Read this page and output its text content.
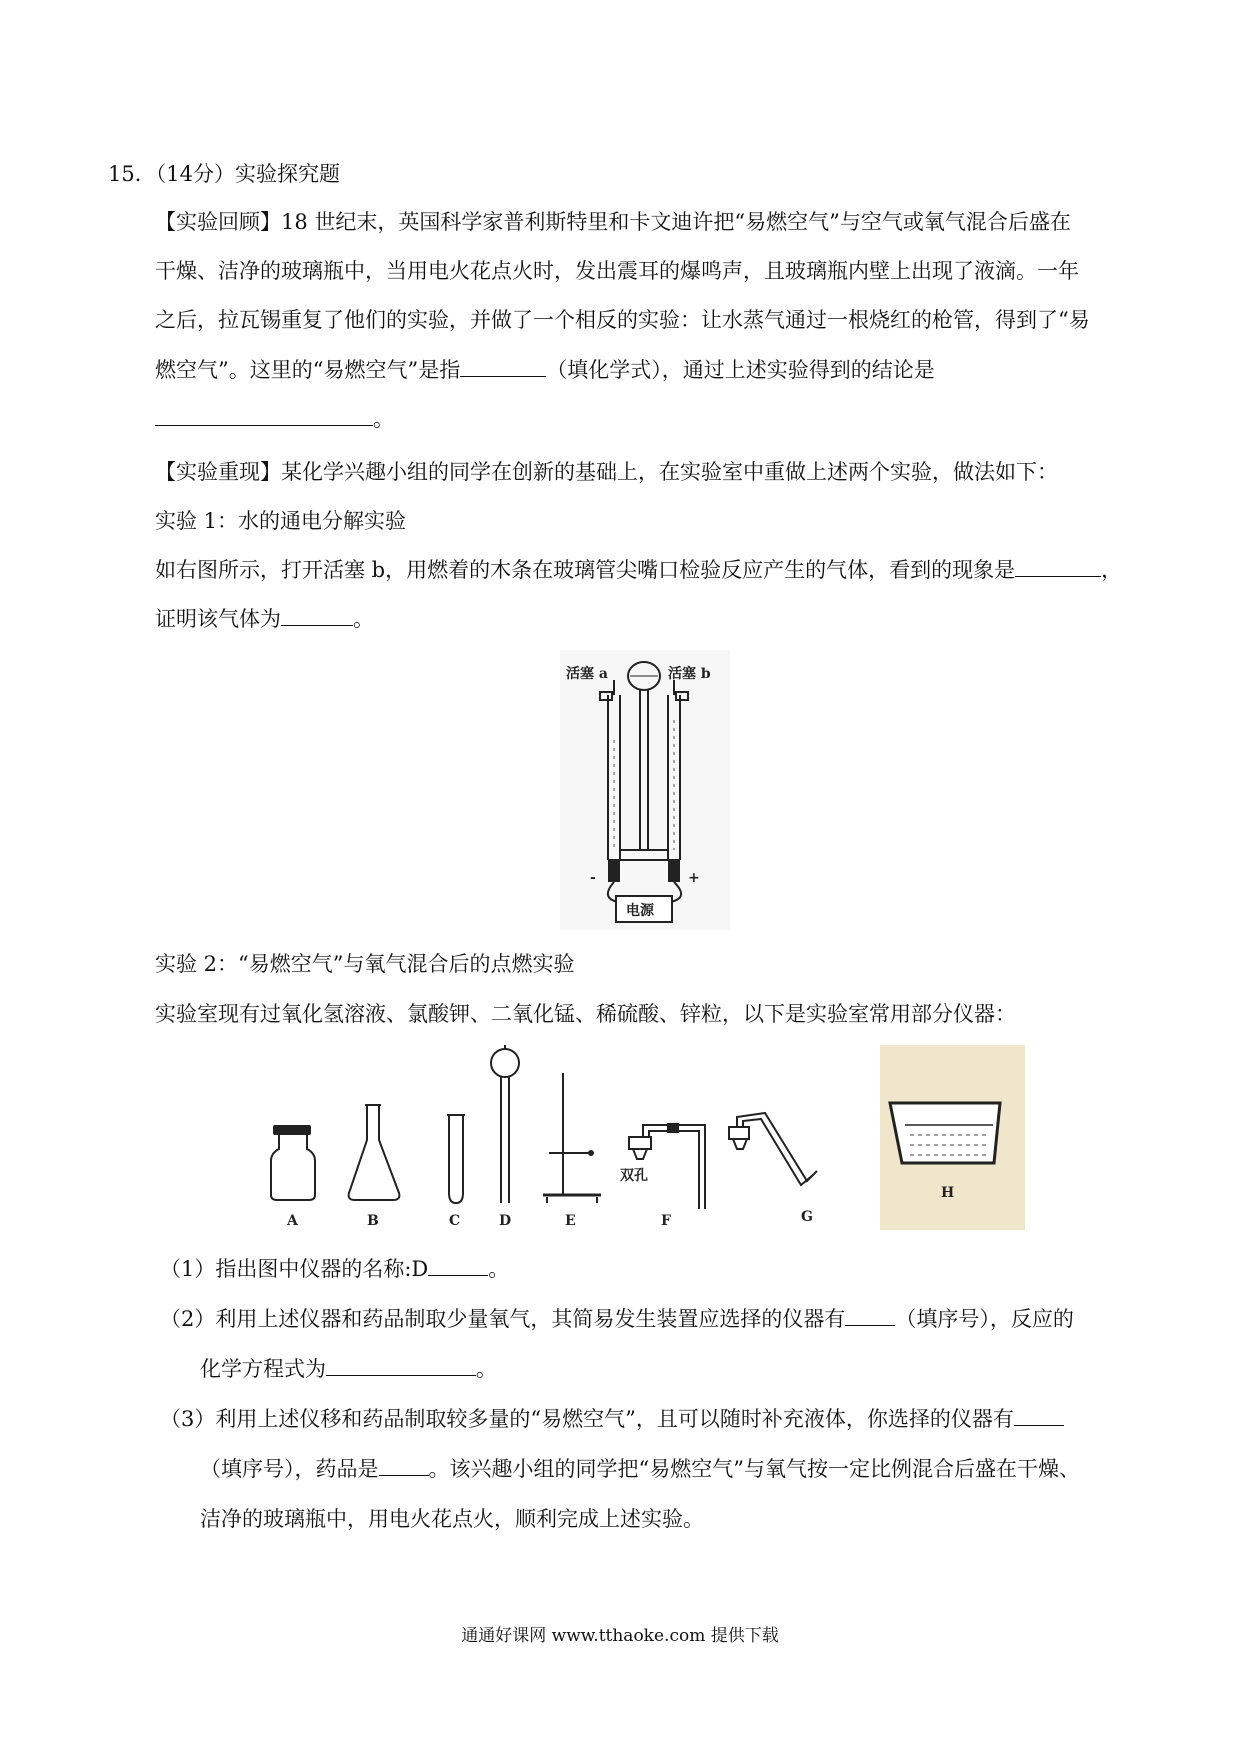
15．（14分）实验探究题
【实验回顾】18 世纪末，英国科学家普利斯特里和卡文迪许把“易燃空气”与空气或氧气混合后盛在
干燥、洁净的玻璃瓶中，当用电火花点火时，发出震耳的爆鸣声，且玻璃瓶内壁上出现了液滴。一年
之后，拉瓦锡重复了他们的实验，并做了一个相反的实验：让水蒸气通过一根烧红的枪管，得到了“易
燃空气”。这里的“易燃空气”是指	（填化学式），通过上述实验得到的结论是
。
【实验重现】某化学兴趣小组的同学在创新的基础上，在实验室中重做上述两个实验，做法如下：
实验 1：水的通电分解实验
如右图所示，打开活塞 b，用燃着的木条在玻璃管尖嘴口检验反应产生的气体，看到的现象是	，
证明该气体为	。
活塞 a	活塞 b
-	+
电源
实验 2：“易燃空气”与氧气混合后的点燃实验
实验室现有过氧化氢溶液、氯酸钾、二氧化锰、稀硫酸、锌粒，以下是实验室常用部分仪器：
双孔
A	B	C	D	E	F	G
H
（1）指出图中仪器的名称:D	。
（2）利用上述仪器和药品制取少量氧气，其简易发生装置应选择的仪器有 （填序号），反应的
化学方程式为	。
（3）利用上述仪移和药品制取较多量的“易燃空气”，且可以随时补充液体，你选择的仪器有
（填序号），药品是 。该兴趣小组的同学把“易燃空气”与氧气按一定比例混合后盛在干燥、
洁净的玻璃瓶中，用电火花点火，顺利完成上述实验。
通通好课网 www.tthaoke.com 提供下载
